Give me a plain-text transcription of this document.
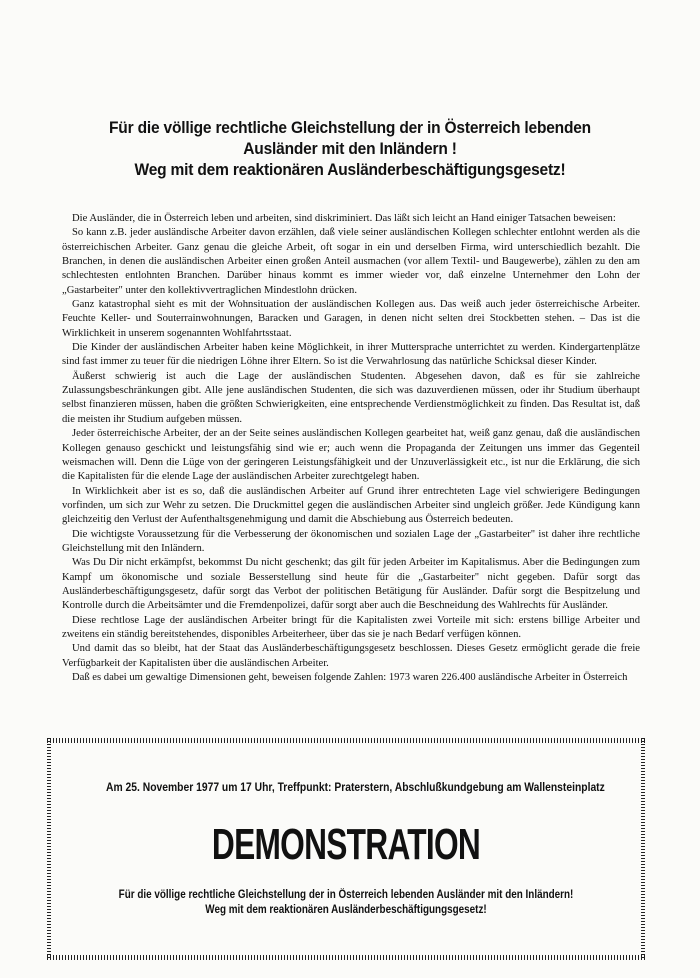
Für die völlige rechtliche Gleichstellung der in Österreich lebenden
Ausländer mit den Inländern !
Weg mit dem reaktionären Ausländerbeschäftigungsgesetz!

Die Ausländer, die in Österreich leben und arbeiten, sind diskriminiert. Das läßt sich leicht an Hand einiger Tatsachen beweisen:

So kann z.B. jeder ausländische Arbeiter davon erzählen, daß viele seiner ausländischen Kollegen schlechter entlohnt werden als die österreichischen Arbeiter. Ganz genau die gleiche Arbeit, oft sogar in ein und derselben Firma, wird unterschiedlich bezahlt. Die Branchen, in denen die ausländischen Arbeiter einen großen Anteil ausmachen (vor allem Textil- und Baugewerbe), zählen zu den am schlechtesten entlohnten Branchen. Darüber hinaus kommt es immer wieder vor, daß einzelne Unternehmer den Lohn der „Gastarbeiter" unter den kollektivvertraglichen Mindestlohn drücken.

Ganz katastrophal sieht es mit der Wohnsituation der ausländischen Kollegen aus. Das weiß auch jeder österreichische Arbeiter. Feuchte Keller- und Souterrainwohnungen, Baracken und Garagen, in denen nicht selten drei Stockbetten stehen. – Das ist die Wirklichkeit in unserem sogenannten Wohlfahrtsstaat.

Die Kinder der ausländischen Arbeiter haben keine Möglichkeit, in ihrer Muttersprache unterrichtet zu werden. Kindergartenplätze sind fast immer zu teuer für die niedrigen Löhne ihrer Eltern. So ist die Verwahrlosung das natürliche Schicksal dieser Kinder.

Äußerst schwierig ist auch die Lage der ausländischen Studenten. Abgesehen davon, daß es für sie zahlreiche Zulassungsbeschränkungen gibt. Alle jene ausländischen Studenten, die sich was dazuverdienen müssen, oder ihr Studium überhaupt selbst finanzieren müssen, haben die größten Schwierigkeiten, eine entsprechende Verdienstmöglichkeit zu finden. Das Resultat ist, daß die meisten ihr Studium aufgeben müssen.

Jeder österreichische Arbeiter, der an der Seite seines ausländischen Kollegen gearbeitet hat, weiß ganz genau, daß die ausländischen Kollegen genauso geschickt und leistungsfähig sind wie er; auch wenn die Propaganda der Zeitungen uns immer das Gegenteil weismachen will. Denn die Lüge von der geringeren Leistungsfähigkeit und der Unzuverlässigkeit etc., ist nur die Erklärung, die sich die Kapitalisten für die elende Lage der ausländischen Arbeiter zurechtgelegt haben.

In Wirklichkeit aber ist es so, daß die ausländischen Arbeiter auf Grund ihrer entrechteten Lage viel schwierigere Bedingungen vorfinden, um sich zur Wehr zu setzen. Die Druckmittel gegen die ausländischen Arbeiter sind ungleich größer. Jede Kündigung kann gleichzeitig den Verlust der Aufenthaltsgenehmigung und damit die Abschiebung aus Österreich bedeuten.

Die wichtigste Voraussetzung für die Verbesserung der ökonomischen und sozialen Lage der „Gastarbeiter" ist daher ihre rechtliche Gleichstellung mit den Inländern.

Was Du Dir nicht erkämpfst, bekommst Du nicht geschenkt; das gilt für jeden Arbeiter im Kapitalismus. Aber die Bedingungen zum Kampf um ökonomische und soziale Besserstellung sind heute für die „Gastarbeiter" nicht gegeben. Dafür sorgt das Ausländerbeschäftigungsgesetz, dafür sorgt das Verbot der politischen Betätigung für Ausländer. Dafür sorgt die Bespitzelung und Kontrolle durch die Arbeitsämter und die Fremdenpolizei, dafür sorgt aber auch die Beschneidung des Wahlrechts für Ausländer.

Diese rechtlose Lage der ausländischen Arbeiter bringt für die Kapitalisten zwei Vorteile mit sich: erstens billige Arbeiter und zweitens ein ständig bereitstehendes, disponibles Arbeiterheer, über das sie je nach Bedarf verfügen können.

Und damit das so bleibt, hat der Staat das Ausländerbeschäftigungsgesetz beschlossen. Dieses Gesetz ermöglicht gerade die freie Verfügbarkeit der Kapitalisten über die ausländischen Arbeiter.

Daß es dabei um gewaltige Dimensionen geht, beweisen folgende Zahlen: 1973 waren 226.400 ausländische Arbeiter in Österreich

Am 25. November 1977 um 17 Uhr, Treffpunkt: Praterstern, Abschlußkundgebung am Wallensteinplatz
DEMONSTRATION
Für die völlige rechtliche Gleichstellung der in Österreich lebenden Ausländer mit den Inländern!
Weg mit dem reaktionären Ausländerbeschäftigungsgesetz!
